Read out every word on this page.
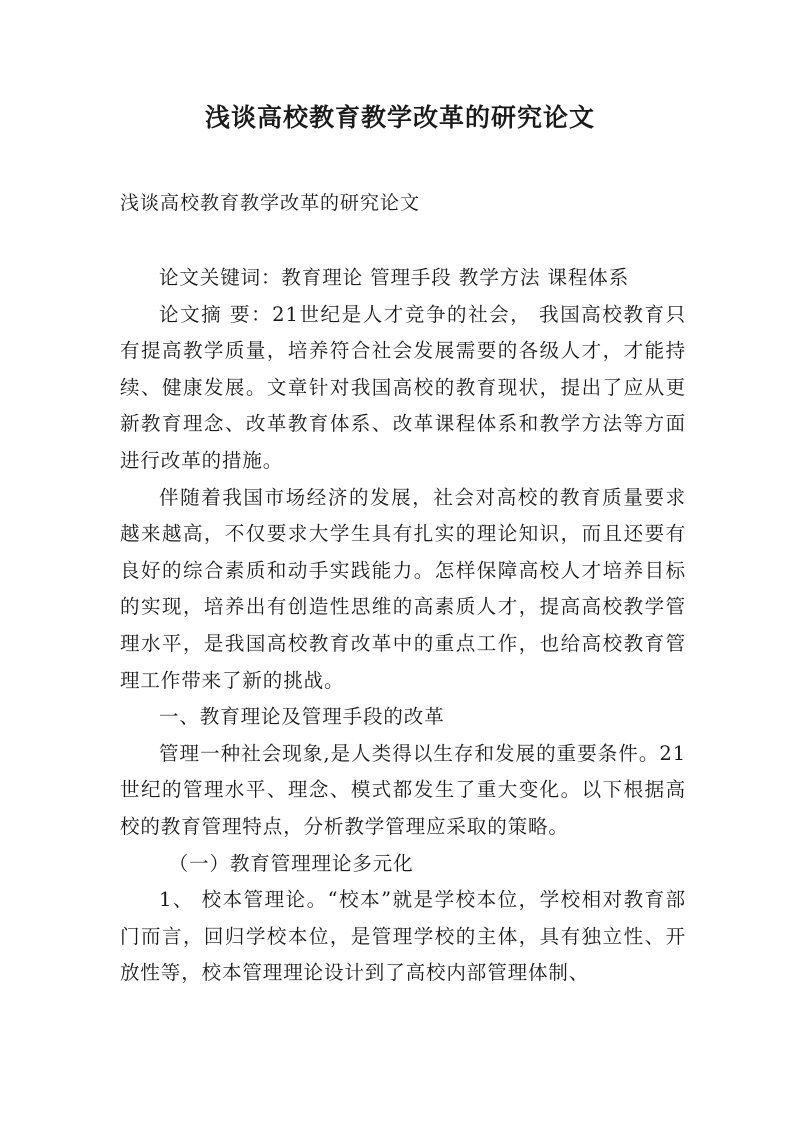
浅谈高校教育教学改革的研究论文

浅谈高校教育教学改革的研究论文

论文关键词：教育理论 管理手段 教学方法 课程体系

论文摘 要：21世纪是人才竞争的社会， 我国高校教育只有提高教学质量，培养符合社会发展需要的各级人才，才能持续、健康发展。文章针对我国高校的教育现状，提出了应从更新教育理念、改革教育体系、改革课程体系和教学方法等方面进行改革的措施。

伴随着我国市场经济的发展，社会对高校的教育质量要求越来越高，不仅要求大学生具有扎实的理论知识，而且还要有良好的综合素质和动手实践能力。怎样保障高校人才培养目标的实现，培养出有创造性思维的高素质人才，提高高校教学管理水平，是我国高校教育改革中的重点工作，也给高校教育管理工作带来了新的挑战。

一、教育理论及管理手段的改革

管理一种社会现象,是人类得以生存和发展的重要条件。21世纪的管理水平、理念、模式都发生了重大变化。以下根据高校的教育管理特点，分析教学管理应采取的策略。

（一）教育管理理论多元化

1、 校本管理论。“校本”就是学校本位，学校相对教育部门而言，回归学校本位，是管理学校的主体，具有独立性、开放性等，校本管理理论设计到了高校内部管理体制、
